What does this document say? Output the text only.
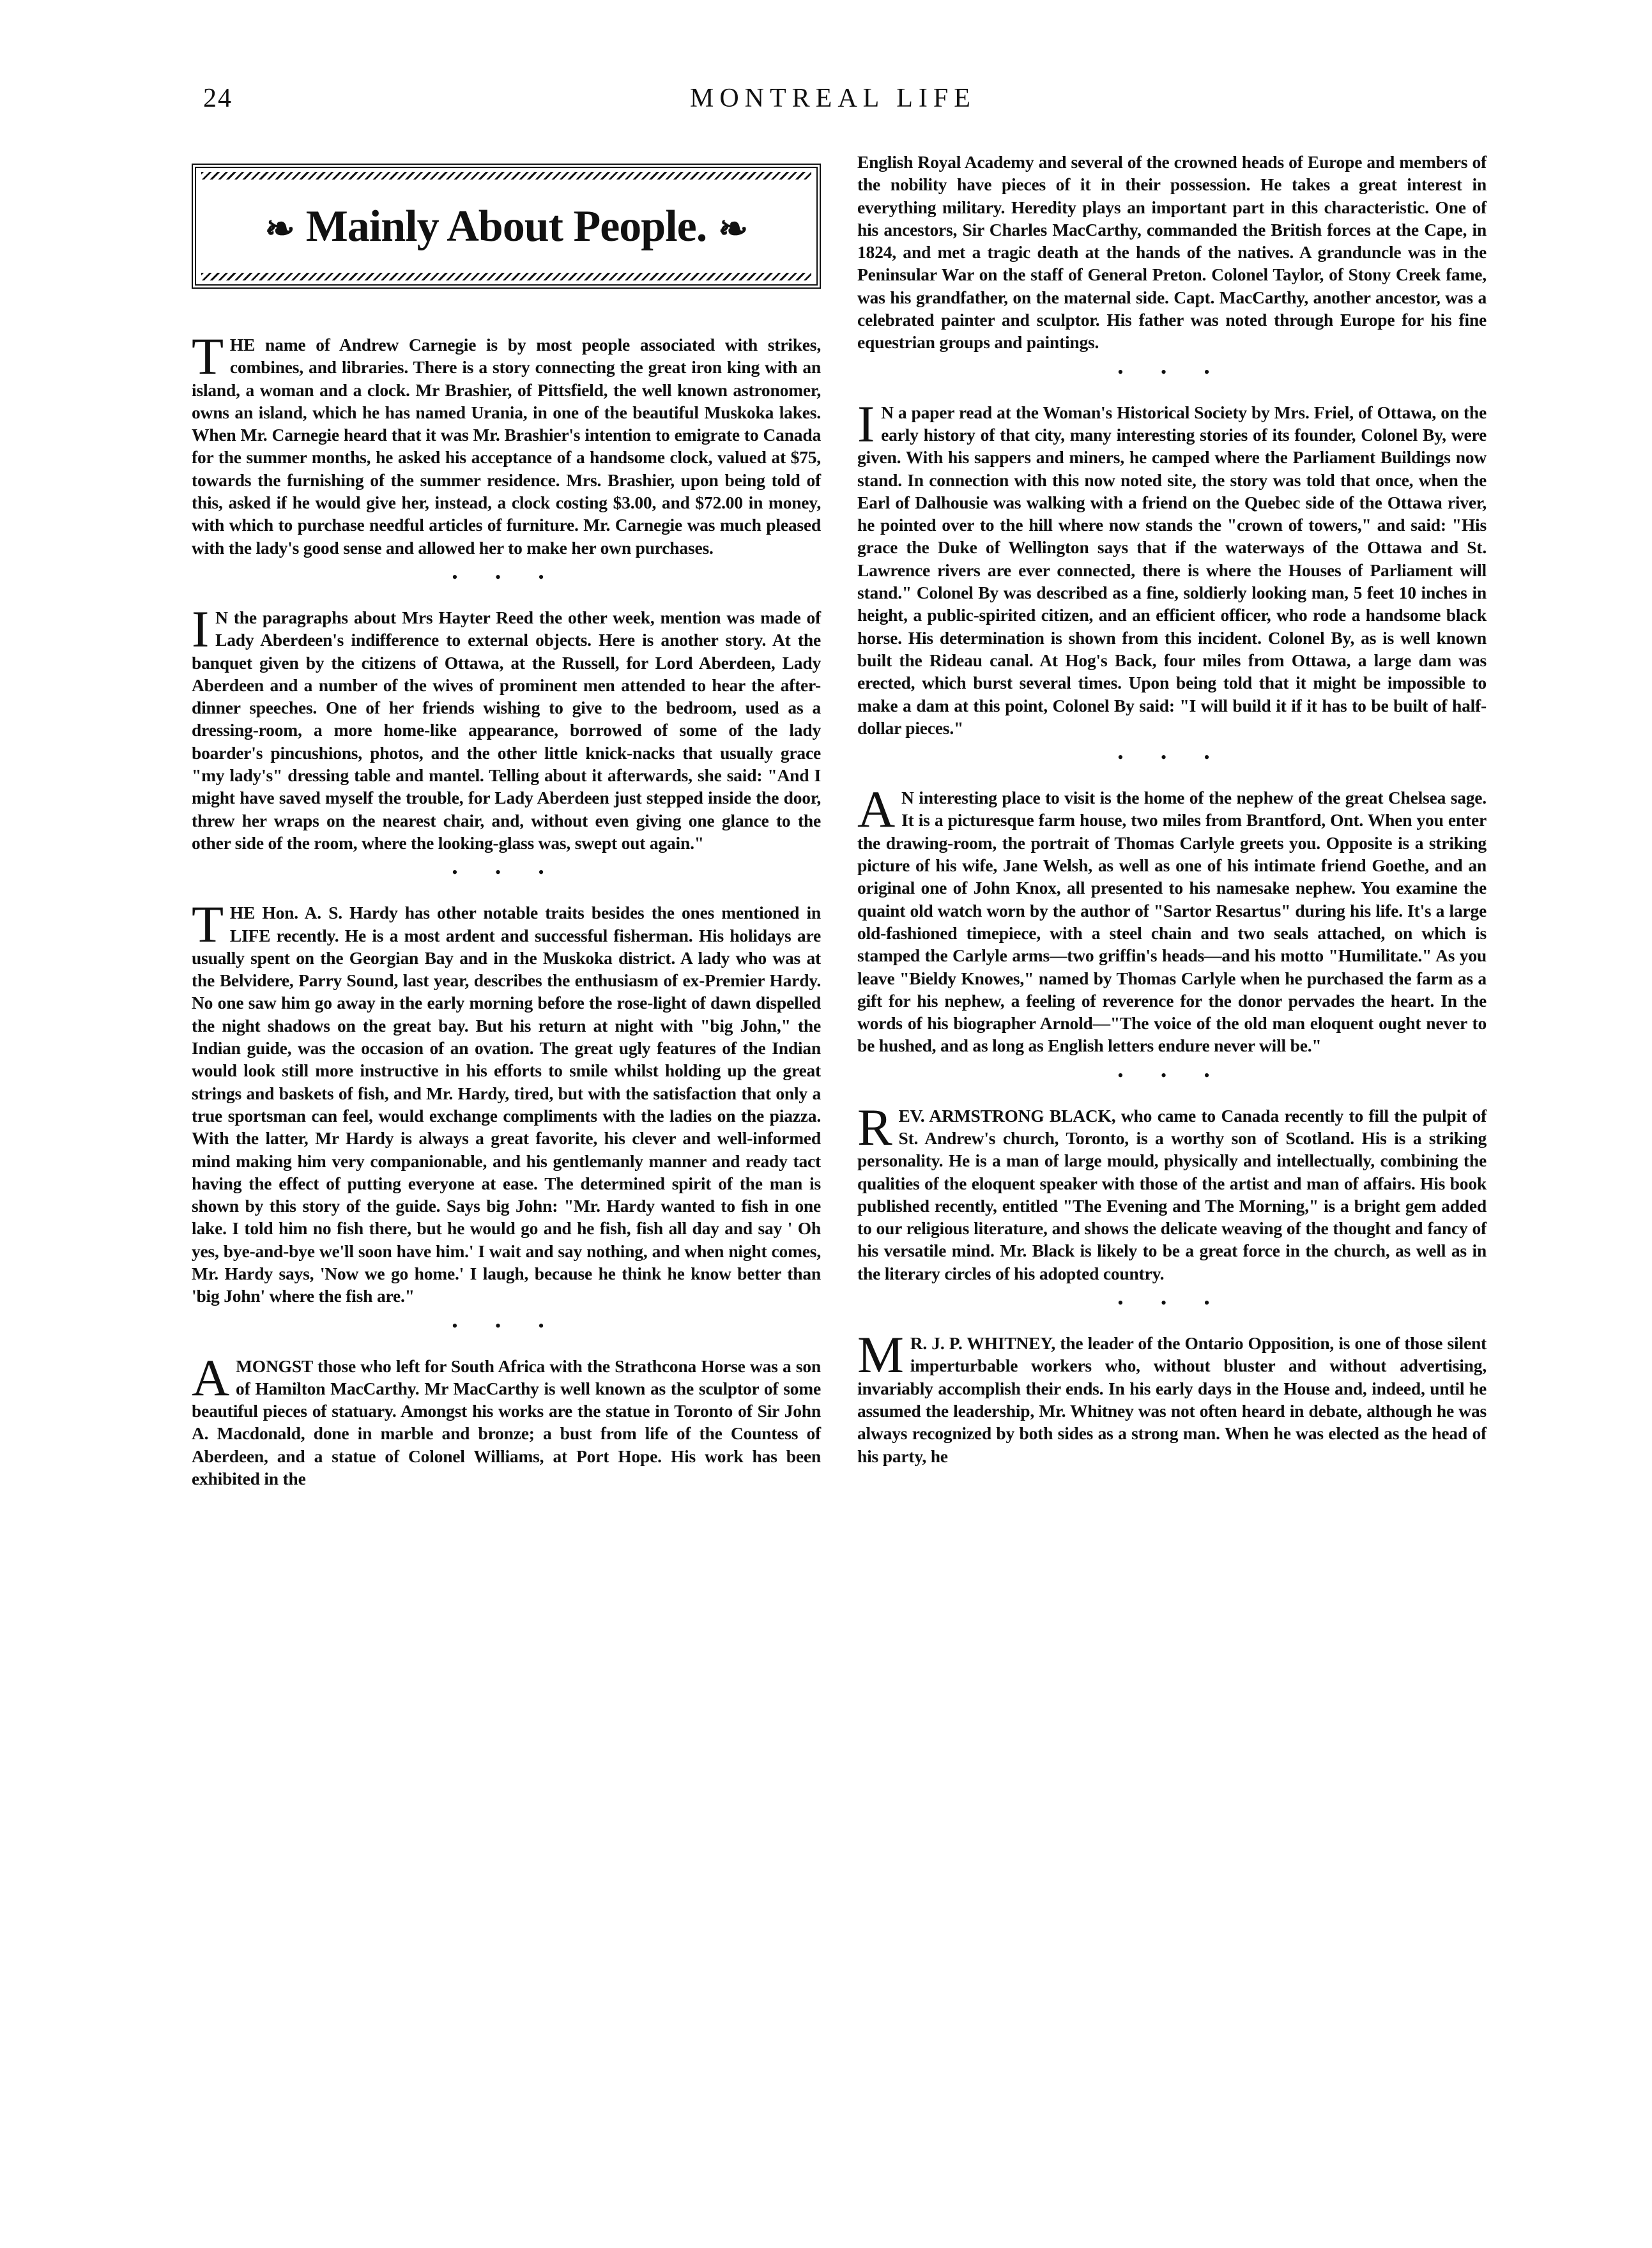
24	MONTREAL LIFE
❧ Mainly About People. ❧

THE name of Andrew Carnegie is by most people associated with strikes, combines, and libraries. There is a story connecting the great iron king with an island, a woman and a clock. Mr Brashier, of Pittsfield, the well known astronomer, owns an island, which he has named Urania, in one of the beautiful Muskoka lakes. When Mr. Carnegie heard that it was Mr. Brashier's intention to emigrate to Canada for the summer months, he asked his acceptance of a handsome clock, valued at $75, towards the furnishing of the summer residence. Mrs. Brashier, upon being told of this, asked if he would give her, instead, a clock costing $3.00, and $72.00 in money, with which to purchase needful articles of furniture. Mr. Carnegie was much pleased with the lady's good sense and allowed her to make her own purchases.

• • •

I N the paragraphs about Mrs Hayter Reed the other week, mention was made of Lady Aberdeen's indifference to external objects. Here is another story. At the banquet given by the citizens of Ottawa, at the Russell, for Lord Aberdeen, Lady Aberdeen and a number of the wives of prominent men attended to hear the after-dinner speeches. One of her friends wishing to give to the bedroom, used as a dressing-room, a more home-like appearance, borrowed of some of the lady boarder's pincushions, photos, and the other little knick-nacks that usually grace "my lady's" dressing table and mantel. Telling about it afterwards, she said: "And I might have saved myself the trouble, for Lady Aberdeen just stepped inside the door, threw her wraps on the nearest chair, and, without even giving one glance to the other side of the room, where the looking-glass was, swept out again."

• • •

THE Hon. A. S. Hardy has other notable traits besides the ones mentioned in LIFE recently. He is a most ardent and successful fisherman. His holidays are usually spent on the Georgian Bay and in the Muskoka district. A lady who was at the Belvidere, Parry Sound, last year, describes the enthusiasm of ex-Premier Hardy. No one saw him go away in the early morning before the rose-light of dawn dispelled the night shadows on the great bay. But his return at night with "big John," the Indian guide, was the occasion of an ovation. The great ugly features of the Indian would look still more instructive in his efforts to smile whilst holding up the great strings and baskets of fish, and Mr. Hardy, tired, but with the satisfaction that only a true sportsman can feel, would exchange compliments with the ladies on the piazza. With the latter, Mr Hardy is always a great favorite, his clever and well-informed mind making him very companionable, and his gentlemanly manner and ready tact having the effect of putting everyone at ease. The determined spirit of the man is shown by this story of the guide. Says big John: "Mr. Hardy wanted to fish in one lake. I told him no fish there, but he would go and he fish, fish all day and say ' Oh yes, bye-and-bye we'll soon have him.' I wait and say nothing, and when night comes, Mr. Hardy says, 'Now we go home.' I laugh, because he think he know better than 'big John' where the fish are."

• • •

AMONGST those who left for South Africa with the Strathcona Horse was a son of Hamilton MacCarthy. Mr MacCarthy is well known as the sculptor of some beautiful pieces of statuary. Amongst his works are the statue in Toronto of Sir John A. Macdonald, done in marble and bronze; a bust from life of the Countess of Aberdeen, and a statue of Colonel Williams, at Port Hope. His work has been exhibited in the

English Royal Academy and several of the crowned heads of Europe and members of the nobility have pieces of it in their possession. He takes a great interest in everything military. Heredity plays an important part in this characteristic. One of his ancestors, Sir Charles MacCarthy, commanded the British forces at the Cape, in 1824, and met a tragic death at the hands of the natives. A granduncle was in the Peninsular War on the staff of General Preton. Colonel Taylor, of Stony Creek fame, was his grandfather, on the maternal side. Capt. MacCarthy, another ancestor, was a celebrated painter and sculptor. His father was noted through Europe for his fine equestrian groups and paintings.

• • •

I N a paper read at the Woman's Historical Society by Mrs. Friel, of Ottawa, on the early history of that city, many interesting stories of its founder, Colonel By, were given. With his sappers and miners, he camped where the Parliament Buildings now stand. In connection with this now noted site, the story was told that once, when the Earl of Dalhousie was walking with a friend on the Quebec side of the Ottawa river, he pointed over to the hill where now stands the "crown of towers," and said: "His grace the Duke of Wellington says that if the waterways of the Ottawa and St. Lawrence rivers are ever connected, there is where the Houses of Parliament will stand." Colonel By was described as a fine, soldierly looking man, 5 feet 10 inches in height, a public-spirited citizen, and an efficient officer, who rode a handsome black horse. His determination is shown from this incident. Colonel By, as is well known built the Rideau canal. At Hog's Back, four miles from Ottawa, a large dam was erected, which burst several times. Upon being told that it might be impossible to make a dam at this point, Colonel By said: "I will build it if it has to be built of half-dollar pieces."

• • •

A N interesting place to visit is the home of the nephew of the great Chelsea sage. It is a picturesque farm house, two miles from Brantford, Ont. When you enter the drawing-room, the portrait of Thomas Carlyle greets you. Opposite is a striking picture of his wife, Jane Welsh, as well as one of his intimate friend Goethe, and an original one of John Knox, all presented to his namesake nephew. You examine the quaint old watch worn by the author of "Sartor Resartus" during his life. It's a large old-fashioned timepiece, with a steel chain and two seals attached, on which is stamped the Carlyle arms—two griffin's heads—and his motto "Humilitate." As you leave "Bieldy Knowes," named by Thomas Carlyle when he purchased the farm as a gift for his nephew, a feeling of reverence for the donor pervades the heart. In the words of his biographer Arnold—"The voice of the old man eloquent ought never to be hushed, and as long as English letters endure never will be."

• • •

REV. ARMSTRONG BLACK, who came to Canada recently to fill the pulpit of St. Andrew's church, Toronto, is a worthy son of Scotland. His is a striking personality. He is a man of large mould, physically and intellectually, combining the qualities of the eloquent speaker with those of the artist and man of affairs. His book published recently, entitled "The Evening and The Morning," is a bright gem added to our religious literature, and shows the delicate weaving of the thought and fancy of his versatile mind. Mr. Black is likely to be a great force in the church, as well as in the literary circles of his adopted country.

• • •

M R. J. P. WHITNEY, the leader of the Ontario Opposition, is one of those silent imperturbable workers who, without bluster and without advertising, invariably accomplish their ends. In his early days in the House and, indeed, until he assumed the leadership, Mr. Whitney was not often heard in debate, although he was always recognized by both sides as a strong man. When he was elected as the head of his party, he
